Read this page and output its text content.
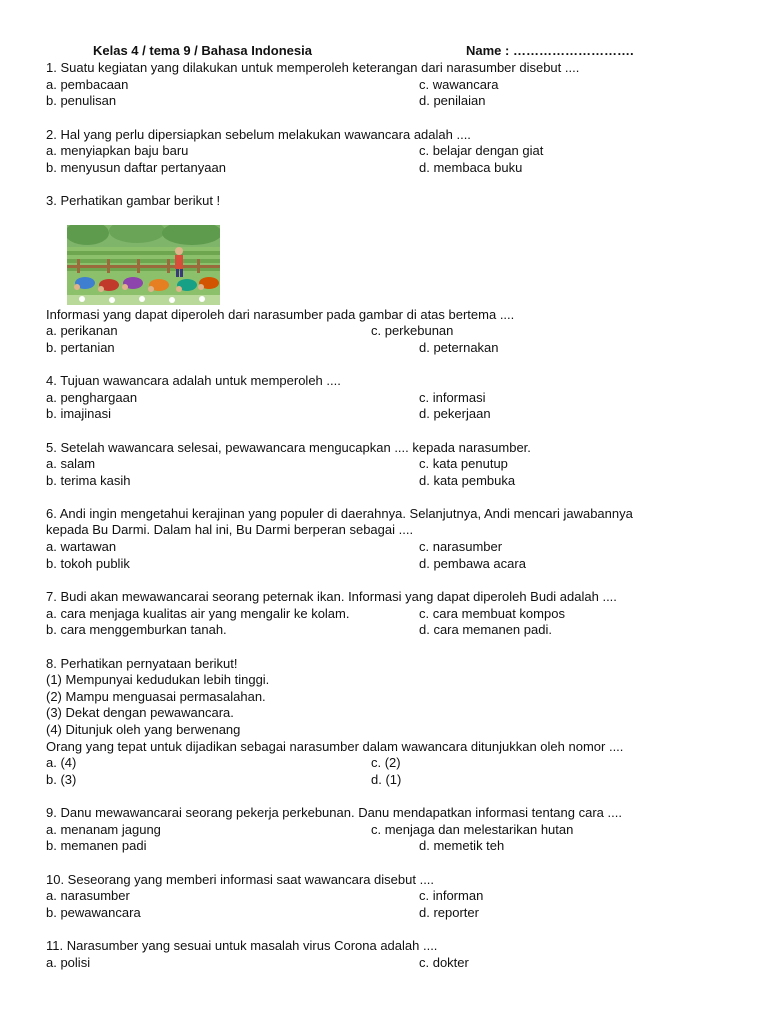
Kelas 4 / tema 9 / Bahasa Indonesia	Name : ……………………….
1. Suatu kegiatan yang dilakukan untuk memperoleh keterangan dari narasumber disebut ....
a. pembacaan	c. wawancara
b. penulisan	d. penilaian
2. Hal yang perlu dipersiapkan sebelum melakukan wawancara adalah ....
a. menyiapkan baju baru	c. belajar dengan giat
b. menyusun daftar pertanyaan	d. membaca buku
3. Perhatikan gambar berikut !
Informasi yang dapat diperoleh dari narasumber pada gambar di atas bertema ....
a. perikanan	c. perkebunan
b. pertanian	d. peternakan
4. Tujuan wawancara adalah untuk memperoleh ....
a. penghargaan	c. informasi
b. imajinasi	d. pekerjaan
5. Setelah wawancara selesai, pewawancara mengucapkan .... kepada narasumber.
a. salam	c. kata penutup
b. terima kasih	d. kata pembuka
6. Andi ingin mengetahui kerajinan yang populer di daerahnya. Selanjutnya, Andi mencari jawabannya
kepada Bu Darmi. Dalam hal ini, Bu Darmi berperan sebagai ....
a. wartawan	c. narasumber
b. tokoh publik	d. pembawa acara
7. Budi akan mewawancarai seorang peternak ikan. Informasi yang dapat diperoleh Budi adalah ....
a. cara menjaga kualitas air yang mengalir ke kolam.	c. cara membuat kompos
b. cara menggemburkan tanah.	d. cara memanen padi.
8. Perhatikan pernyataan berikut!
(1) Mempunyai kedudukan lebih tinggi.
(2) Mampu menguasai permasalahan.
(3) Dekat dengan pewawancara.
(4) Ditunjuk oleh yang berwenang
Orang yang tepat untuk dijadikan sebagai narasumber dalam wawancara ditunjukkan oleh nomor ....
a. (4)	c. (2)
b. (3)	d. (1)
9. Danu mewawancarai seorang pekerja perkebunan. Danu mendapatkan informasi tentang cara ....
a. menanam jagung	c. menjaga dan melestarikan hutan
b. memanen padi	d. memetik teh
10. Seseorang yang memberi informasi saat wawancara disebut ....
a. narasumber	c. informan
b. pewawancara	d. reporter
11. Narasumber yang sesuai untuk masalah virus Corona adalah ....
a. polisi	c. dokter
